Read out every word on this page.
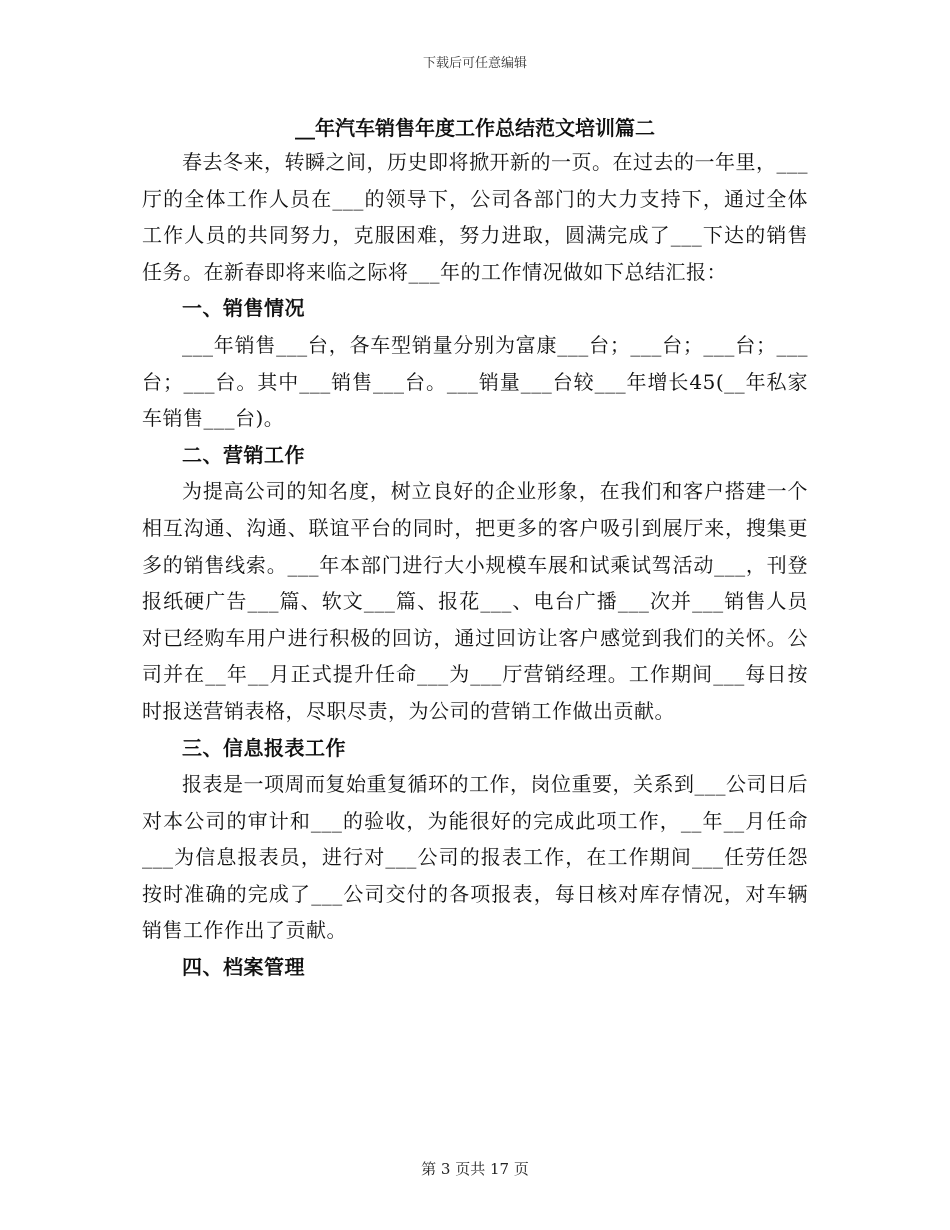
下载后可任意编辑
__年汽车销售年度工作总结范文培训篇二

春去冬来，转瞬之间，历史即将掀开新的一页。在过去的一年里，___厅的全体工作人员在___的领导下，公司各部门的大力支持下，通过全体工作人员的共同努力，克服困难，努力进取，圆满完成了___下达的销售任务。在新春即将来临之际将___年的工作情况做如下总结汇报：

一、销售情况

___年销售___台，各车型销量分别为富康___台；___台；___台；___台；___台。其中___销售___台。___销量___台较___年增长45(__年私家车销售___台)。

二、营销工作

为提高公司的知名度，树立良好的企业形象，在我们和客户搭建一个相互沟通、沟通、联谊平台的同时，把更多的客户吸引到展厅来，搜集更多的销售线索。___年本部门进行大小规模车展和试乘试驾活动___，刊登报纸硬广告___篇、软文___篇、报花___、电台广播___次并___销售人员对已经购车用户进行积极的回访，通过回访让客户感觉到我们的关怀。公司并在__年__月正式提升任命___为___厅营销经理。工作期间___每日按时报送营销表格，尽职尽责，为公司的营销工作做出贡献。

三、信息报表工作

报表是一项周而复始重复循环的工作，岗位重要，关系到___公司日后对本公司的审计和___的验收，为能很好的完成此项工作，__年__月任命___为信息报表员，进行对___公司的报表工作，在工作期间___任劳任怨按时准确的完成了___公司交付的各项报表，每日核对库存情况，对车辆销售工作作出了贡献。

四、档案管理

第 3 页共 17 页
